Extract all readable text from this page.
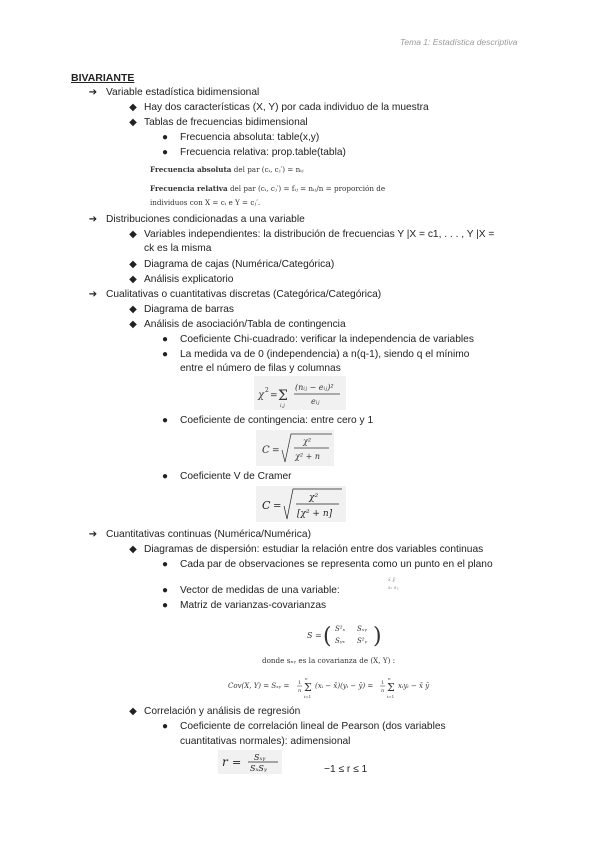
Tema 1: Estadística descriptiva
BIVARIANTE
➔ Variable estadística bidimensional
◆ Hay dos características (X, Y) por cada individuo de la muestra
◆ Tablas de frecuencias bidimensional
●	Frecuencia absoluta: table(x,y)
●	Frecuencia relativa: prop.table(tabla)
Frecuencia absoluta del par (cᵢ, cⱼ′) = nᵢⱼ
Frecuencia relativa del par (cᵢ, cⱼ′) = fᵢⱼ = nᵢⱼ/n = proporción de
individuos con X = cᵢ e Y = cⱼ′.
➔ Distribuciones condicionadas a una variable
◆ Variables independientes: la distribución de frecuencias Y |X = c1, . . . , Y |X =
ck es la misma
◆ Diagrama de cajas (Numérica/Categórica)
◆ Análisis explicatorio
➔ Cualitativas o cuantitativas discretas (Categórica/Categórica)
◆ Diagrama de barras
◆ Análisis de asociación/Tabla de contingencia
●	Coeficiente Chi-cuadrado: verificar la independencia de variables
●	La medida va de 0 (independencia) a n(q-1), siendo q el mínimo
entre el número de filas y columnas
χ 2
= Σ
i,j
(nᵢⱼ − eᵢⱼ)²
eᵢⱼ
●	Coeficiente de contingencia: entre cero y 1
C =
χ²
χ² + n
●	Coeficiente V de Cramer
C =
χ²
[χ² + n]
➔ Cuantitativas continuas (Numérica/Numérica)
◆ Diagramas de dispersión: estudiar la relación entre dos variables continuas
●	Cada par de observaciones se representa como un punto en el plano
●	Vector de medidas de una variable:
x̄ ȳ
sₓ sᵧ
●	Matriz de varianzas-covarianzas
S = ( S²ₓ Sₓᵧ
Sᵧₓ S²ᵧ )
donde sₓᵧ es la covarianza de (X, Y) :
Cov(X, Y) = Sₓᵧ = 1
n Σ
n
i=1
(xᵢ − x̄)(yᵢ − ȳ) = 1
n Σ
n
i=1
xᵢyᵢ − x̄ ȳ
◆ Correlación y análisis de regresión
●	Coeficiente de correlación lineal de Pearson (dos variables
cuantitativas normales): adimensional
r = Sₓᵧ
SₓSᵧ	−1 ≤ r ≤ 1
